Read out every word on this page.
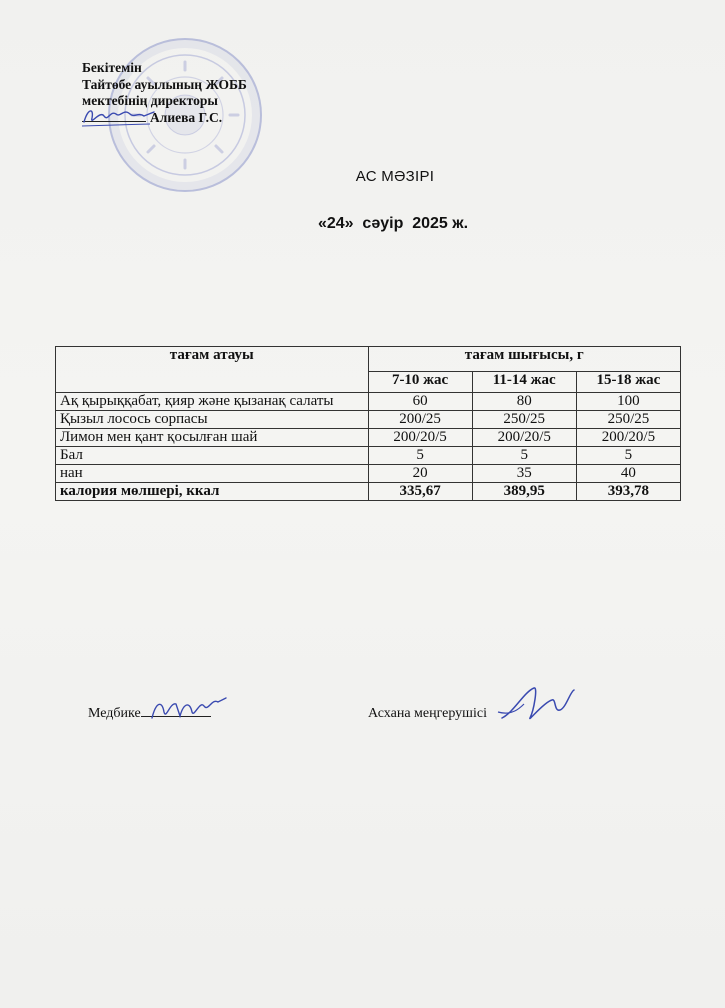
Бекітемін
Тайтөбе ауылының ЖОББ
мектебінің директоры
Алиева Г.С.
АС МӘЗІРІ
«24»  сәуір  2025 ж.
тағам атауы	тағам шығысы, г		
	7-10 жас	11-14 жас	15-18 жас
Ақ қырыққабат, қияр және қызанақ салаты	60	80	100
Қызыл лосось сорпасы	200/25	250/25	250/25
Лимон мен қант қосылған шай	200/20/5	200/20/5	200/20/5
Бал	5	5	5
нан	20	35	40
калория мөлшері, ккал	335,67	389,95	393,78
Медбике	Асхана меңгерушісі
